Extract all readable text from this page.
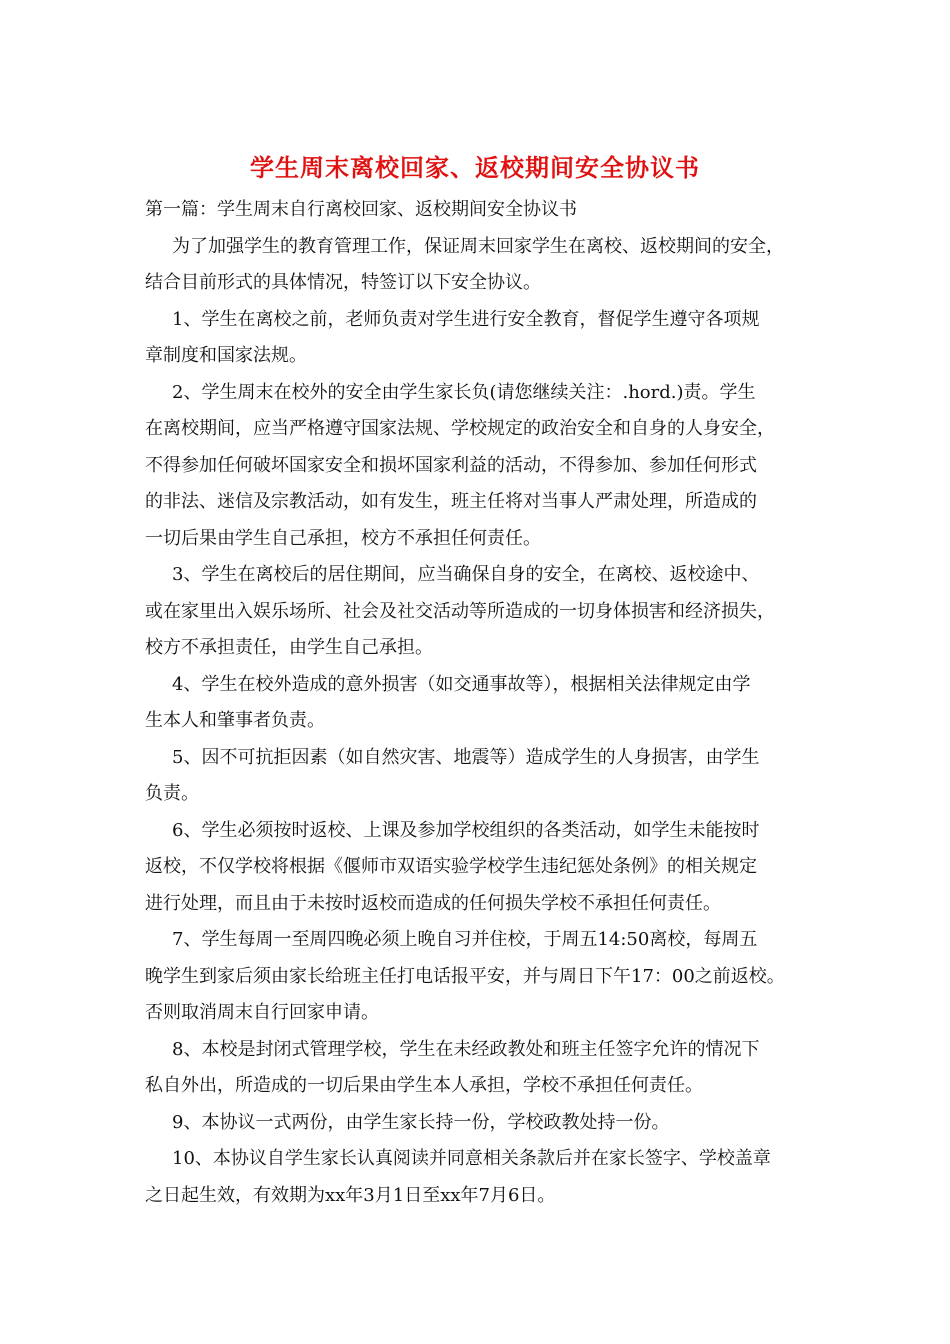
学生周末离校回家、返校期间安全协议书
第一篇：学生周末自行离校回家、返校期间安全协议书
为了加强学生的教育管理工作，保证周末回家学生在离校、返校期间的安全，
结合目前形式的具体情况，特签订以下安全协议。
1、学生在离校之前，老师负责对学生进行安全教育，督促学生遵守各项规
章制度和国家法规。
2、学生周末在校外的安全由学生家长负(请您继续关注：.hord.)责。学生
在离校期间，应当严格遵守国家法规、学校规定的政治安全和自身的人身安全，
不得参加任何破坏国家安全和损坏国家利益的活动，不得参加、参加任何形式
的非法、迷信及宗教活动，如有发生，班主任将对当事人严肃处理，所造成的
一切后果由学生自己承担，校方不承担任何责任。
3、学生在离校后的居住期间，应当确保自身的安全，在离校、返校途中、
或在家里出入娱乐场所、社会及社交活动等所造成的一切身体损害和经济损失，
校方不承担责任，由学生自己承担。
4、学生在校外造成的意外损害（如交通事故等），根据相关法律规定由学
生本人和肇事者负责。
5、因不可抗拒因素（如自然灾害、地震等）造成学生的人身损害，由学生
负责。
6、学生必须按时返校、上课及参加学校组织的各类活动，如学生未能按时
返校，不仅学校将根据《偃师市双语实验学校学生违纪惩处条例》的相关规定
进行处理，而且由于未按时返校而造成的任何损失学校不承担任何责任。
7、学生每周一至周四晚必须上晚自习并住校，于周五14:50离校，每周五
晚学生到家后须由家长给班主任打电话报平安，并与周日下午17：00之前返校。
否则取消周末自行回家申请。
8、本校是封闭式管理学校，学生在未经政教处和班主任签字允许的情况下
私自外出，所造成的一切后果由学生本人承担，学校不承担任何责任。
9、本协议一式两份，由学生家长持一份，学校政教处持一份。
10、本协议自学生家长认真阅读并同意相关条款后并在家长签字、学校盖章
之日起生效，有效期为xx年3月1日至xx年7月6日。
